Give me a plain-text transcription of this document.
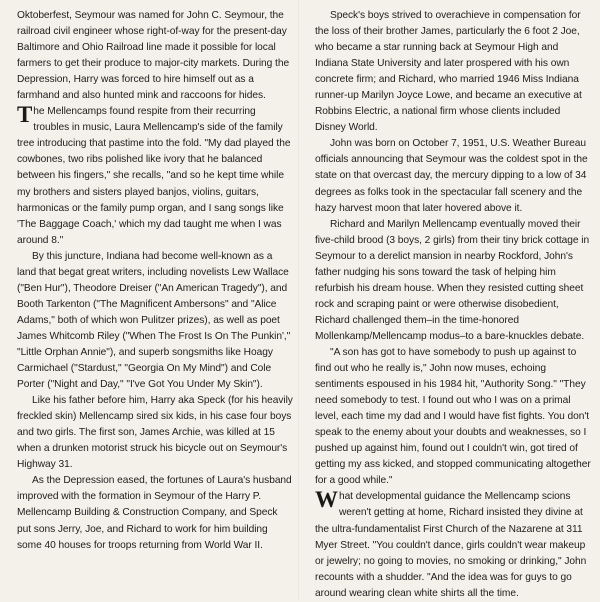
Oktoberfest, Seymour was named for John C. Seymour, the railroad civil engineer whose right-of-way for the present-day Baltimore and Ohio Railroad line made it possible for local farmers to get their produce to major-city markets. During the Depression, Harry was forced to hire himself out as a farmhand and also hunted mink and raccoons for hides.

The Mellencamps found respite from their recurring troubles in music, Laura Mellencamp's side of the family tree introducing that pastime into the fold. "My dad played the cowbones, two ribs polished like ivory that he balanced between his fingers," she recalls, "and so he kept time while my brothers and sisters played banjos, violins, guitars, harmonicas or the family pump organ, and I sang songs like 'The Baggage Coach,' which my dad taught me when I was around 8."

By this juncture, Indiana had become well-known as a land that begat great writers, including novelists Lew Wallace ("Ben Hur"), Theodore Dreiser ("An American Tragedy"), and Booth Tarkenton ("The Magnificent Ambersons" and "Alice Adams," both of which won Pulitzer prizes), as well as poet James Whitcomb Riley ("When The Frost Is On The Punkin'," "Little Orphan Annie"), and superb songsmiths like Hoagy Carmichael ("Stardust," "Georgia On My Mind") and Cole Porter ("Night and Day," "I've Got You Under My Skin").

Like his father before him, Harry aka Speck (for his heavily freckled skin) Mellencamp sired six kids, in his case four boys and two girls. The first son, James Archie, was killed at 15 when a drunken motorist struck his bicycle out on Seymour's Highway 31.

As the Depression eased, the fortunes of Laura's husband improved with the formation in Seymour of the Harry P. Mellencamp Building & Construction Company, and Speck put sons Jerry, Joe, and Richard to work for him building some 40 houses for troops returning from World War II.

Speck's boys strived to overachieve in compensation for the loss of their brother James, particularly the 6 foot 2 Joe, who became a star running back at Seymour High and Indiana State University and later prospered with his own concrete firm; and Richard, who married 1946 Miss Indiana runner-up Marilyn Joyce Lowe, and became an executive at Robbins Electric, a national firm whose clients included Disney World.

John was born on October 7, 1951, U.S. Weather Bureau officials announcing that Seymour was the coldest spot in the state on that overcast day, the mercury dipping to a low of 34 degrees as folks took in the spectacular fall scenery and the hazy harvest moon that later hovered above it.

Richard and Marilyn Mellencamp eventually moved their five-child brood (3 boys, 2 girls) from their tiny brick cottage in Seymour to a derelict mansion in nearby Rockford, John's father nudging his sons toward the task of helping him refurbish his dream house. When they resisted cutting sheet rock and scraping paint or were otherwise disobedient, Richard challenged them–in the time-honored Mollenkamp/Mellencamp modus–to a bare-knuckles debate.

"A son has got to have somebody to push up against to find out who he really is," John now muses, echoing sentiments espoused in his 1984 hit, "Authority Song." "They need somebody to test. I found out who I was on a primal level, each time my dad and I would have fist fights. You don't speak to the enemy about your doubts and weaknesses, so I pushed up against him, found out I couldn't win, got tired of getting my ass kicked, and stopped communicating altogether for a good while."

What developmental guidance the Mellencamp scions weren't getting at home, Richard insisted they divine at the ultra-fundamentalist First Church of the Nazarene at 311 Myer Street. "You couldn't dance, girls couldn't wear makeup or jewelry; no going to movies, no smoking or drinking," John recounts with a shudder. "And the idea was for guys to go around wearing clean white shirts all the time.
